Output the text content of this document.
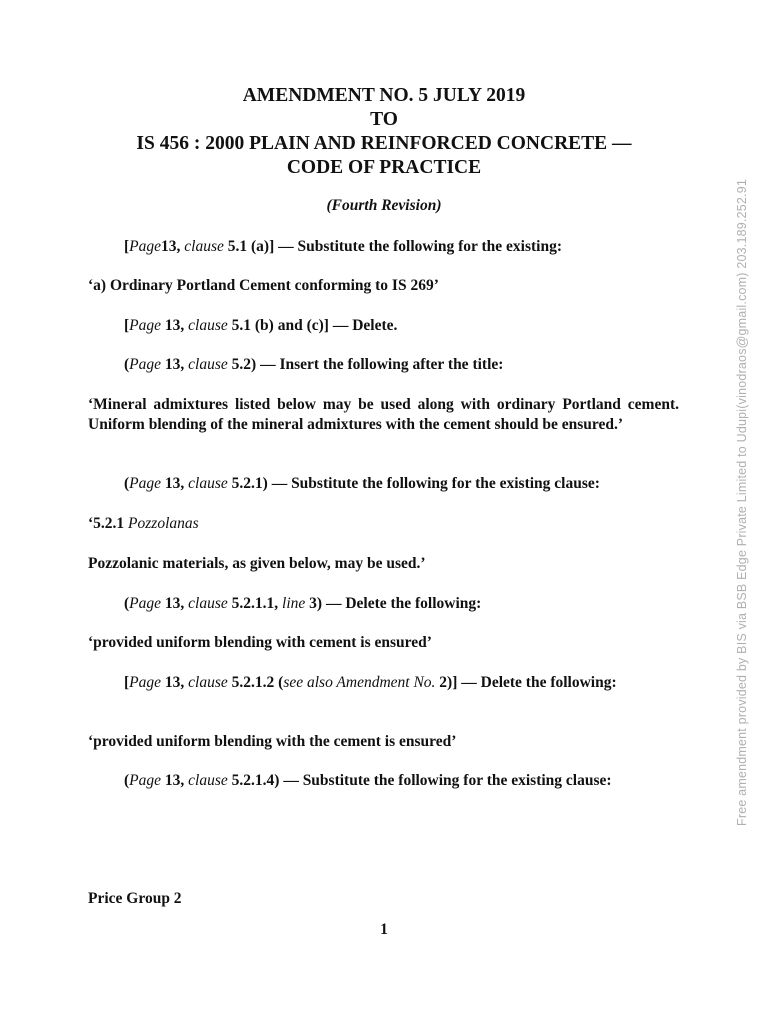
AMENDMENT NO. 5 JULY 2019
TO
IS 456 : 2000 PLAIN AND REINFORCED CONCRETE —
CODE OF PRACTICE
(Fourth Revision)
[Page13, clause 5.1 (a)] — Substitute the following for the existing:
‘a) Ordinary Portland Cement conforming to IS 269’
[Page 13, clause 5.1 (b) and (c)] — Delete.
(Page 13, clause 5.2) — Insert the following after the title:
‘Mineral admixtures listed below may be used along with ordinary Portland cement. Uniform blending of the mineral admixtures with the cement should be ensured.’
(Page 13, clause 5.2.1) — Substitute the following for the existing clause:
‘5.2.1 Pozzolanas
Pozzolanic materials, as given below, may be used.’
(Page 13, clause 5.2.1.1, line 3) — Delete the following:
‘provided uniform blending with cement is ensured’
[Page 13, clause 5.2.1.2 (see also Amendment No. 2)] — Delete the following:
‘provided uniform blending with the cement is ensured’
(Page 13, clause 5.2.1.4) — Substitute the following for the existing clause:
Price Group 2
1
Free amendment provided by BIS via BSB Edge Private Limited to Udupi(vinodraos@gmail.com) 203.189.252.91
